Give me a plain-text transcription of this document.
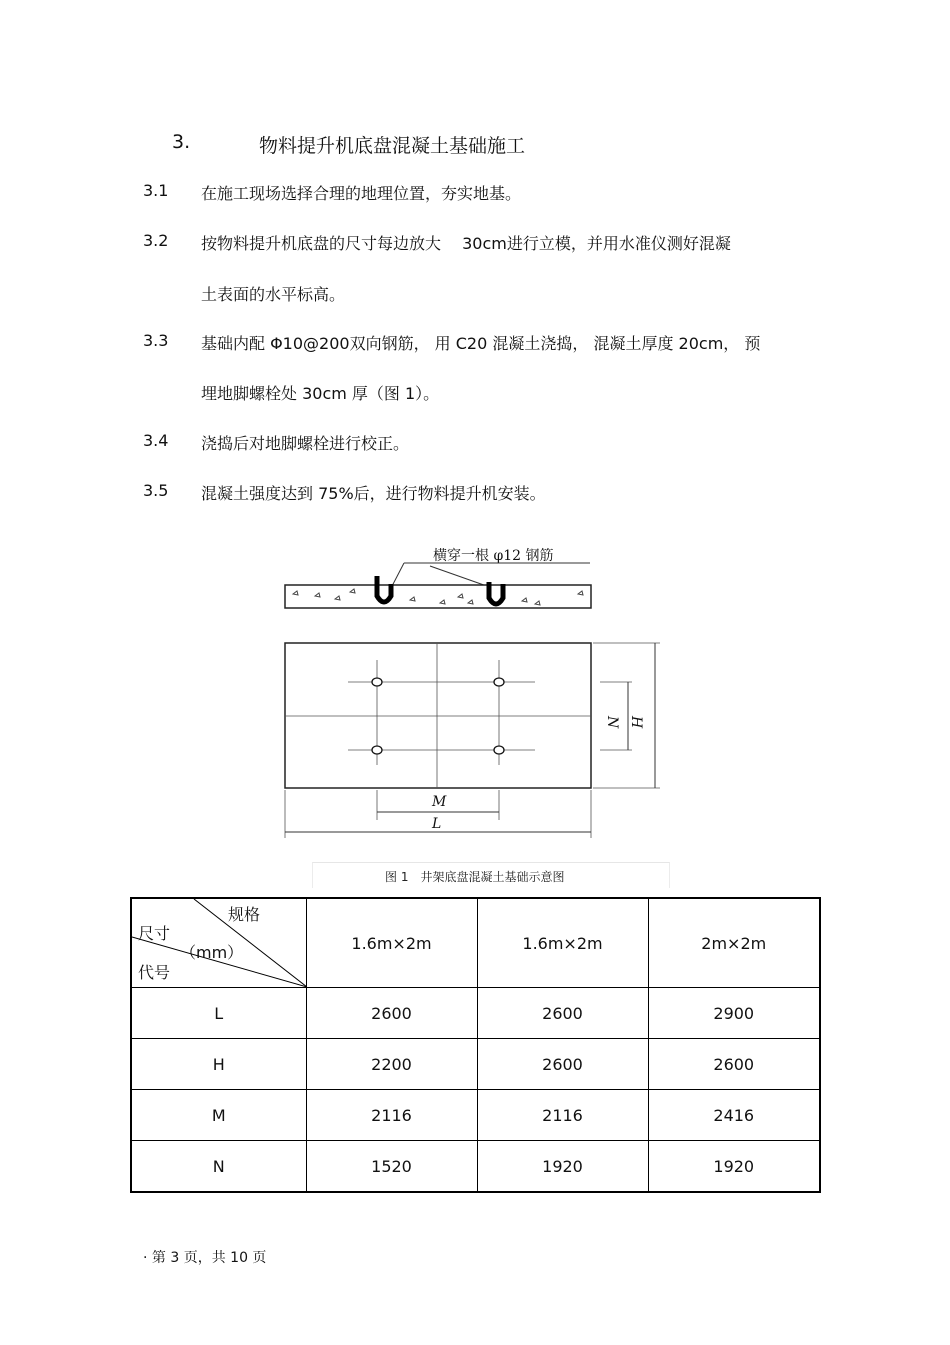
3.	物料提升机底盘混凝土基础施工
3.1 在施工现场选择合理的地理位置，夯实地基。
3.2 按物料提升机底盘的尺寸每边放大　 30cm进行立模，并用水准仪测好混凝
土表面的水平标高。
3.3 基础内配 Φ10@200双向钢筋， 用 C20 混凝土浇捣， 混凝土厚度 20cm， 预
埋地脚螺栓处 30cm 厚（图 1）。
3.4 浇捣后对地脚螺栓进行校正。
3.5 混凝土强度达到 75%后，进行物料提升机安装。
横穿一根 φ12 钢筋
M
L
N H
图 1　井架底盘混凝土基础示意图
规格
尺寸
（mm）
代号	1.6m×2m	1.6m×2m	2m×2m
L	2600	2600	2900
H	2200	2600	2600
M	2116	2116	2416
N	1520	1920	1920
· 第 3 页，共 10 页
